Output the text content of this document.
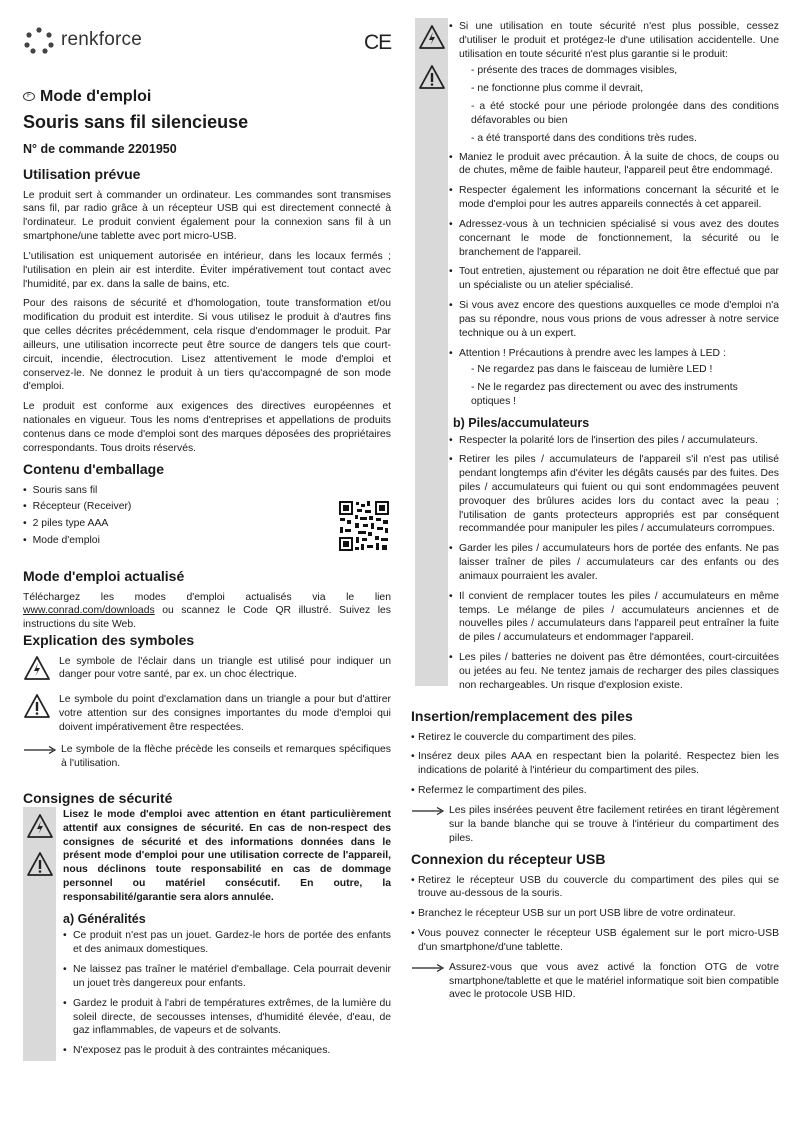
renkforce	CE
F Mode d'emploi
Souris sans fil silencieuse
N° de commande 2201950
Utilisation prévue

Le produit sert à commander un ordinateur. Les commandes sont transmises sans fil, par radio grâce à un récepteur USB qui est directement connecté à l'ordinateur. Le produit convient également pour la connexion sans fil à un smartphone/une tablette avec port micro-USB.

L'utilisation est uniquement autorisée en intérieur, dans les locaux fermés ; l'utilisation en plein air est interdite. Éviter impérativement tout contact avec l'humidité, par ex. dans la salle de bains, etc.

Pour des raisons de sécurité et d'homologation, toute transformation et/ou modification du produit est interdite. Si vous utilisez le produit à d'autres fins que celles décrites précédemment, cela risque d'endommager le produit. Par ailleurs, une utilisation incorrecte peut être source de dangers tels que court-circuit, incendie, électrocution. Lisez attentivement le mode d'emploi et conservez-le. Ne donnez le produit à un tiers qu'accompagné de son mode d'emploi.

Le produit est conforme aux exigences des directives européennes et nationales en vigueur. Tous les noms d'entreprises et appellations de produits contenus dans ce mode d'emploi sont des marques déposées des propriétaires correspondants. Tous droits réservés.

Contenu d'emballage
• Souris sans fil
• Récepteur (Receiver)
• 2 piles type AAA
• Mode d'emploi
Mode d'emploi actualisé

Téléchargez les modes d'emploi actualisés via le lien www.conrad.com/downloads ou scannez le Code QR illustré. Suivez les instructions du site Web.

Explication des symboles
Le symbole de l'éclair dans un triangle est utilisé pour indiquer un danger pour votre santé, par ex. un choc électrique.
Le symbole du point d'exclamation dans un triangle a pour but d'attirer votre attention sur des consignes importantes du mode d'emploi qui doivent impérativement être respectées.
Le symbole de la flèche précède les conseils et remarques spécifiques à l'utilisation.
Consignes de sécurité

Lisez le mode d'emploi avec attention en étant particulièrement attentif aux consignes de sécurité. En cas de non-respect des consignes de sécurité et des informations données dans le présent mode d'emploi pour une utilisation correcte de l'appareil, nous déclinons toute responsabilité en cas de dommage personnel ou matériel consécutif. En outre, la responsabilité/garantie sera alors annulée.

a) Généralités
• Ce produit n'est pas un jouet. Gardez-le hors de portée des enfants et des animaux domestiques.
• Ne laissez pas traîner le matériel d'emballage. Cela pourrait devenir un jouet très dangereux pour enfants.
• Gardez le produit à l'abri de températures extrêmes, de la lumière du soleil directe, de secousses intenses, d'humidité élevée, d'eau, de gaz inflammables, de vapeurs et de solvants.
• N'exposez pas le produit à des contraintes mécaniques.
• Si une utilisation en toute sécurité n'est plus possible, cessez d'utiliser le produit et protégez-le d'une utilisation accidentelle. Une utilisation en toute sécurité n'est plus garantie si le produit:
- présente des traces de dommages visibles,
- ne fonctionne plus comme il devrait,
- a été stocké pour une période prolongée dans des conditions défavorables ou bien
- a été transporté dans des conditions très rudes.
• Maniez le produit avec précaution. À la suite de chocs, de coups ou de chutes, même de faible hauteur, l'appareil peut être endommagé.
• Respecter également les informations concernant la sécurité et le mode d'emploi pour les autres appareils connectés à cet appareil.
• Adressez-vous à un technicien spécialisé si vous avez des doutes concernant le mode de fonctionnement, la sécurité ou le branchement de l'appareil.
• Tout entretien, ajustement ou réparation ne doit être effectué que par un spécialiste ou un atelier spécialisé.
• Si vous avez encore des questions auxquelles ce mode d'emploi n'a pas su répondre, nous vous prions de vous adresser à notre service technique ou à un expert.
• Attention ! Précautions à prendre avec les lampes à LED :
- Ne regardez pas dans le faisceau de lumière LED !
- Ne le regardez pas directement ou avec des instruments optiques !
b) Piles/accumulateurs
• Respecter la polarité lors de l'insertion des piles / accumulateurs.
• Retirer les piles / accumulateurs de l'appareil s'il n'est pas utilisé pendant longtemps afin d'éviter les dégâts causés par des fuites. Des piles / accumulateurs qui fuient ou qui sont endommagées peuvent provoquer des brûlures acides lors du contact avec la peau ; l'utilisation de gants protecteurs appropriés est par conséquent recommandée pour manipuler les piles / accumulateurs corrompues.
• Garder les piles / accumulateurs hors de portée des enfants. Ne pas laisser traîner de piles / accumulateurs car des enfants ou des animaux pourraient les avaler.
• Il convient de remplacer toutes les piles / accumulateurs en même temps. Le mélange de piles / accumulateurs anciennes et de nouvelles piles / accumulateurs dans l'appareil peut entraîner la fuite de piles / accumulateurs et endommager l'appareil.
• Les piles / batteries ne doivent pas être démontées, court-circuitées ou jetées au feu. Ne tentez jamais de recharger des piles classiques non rechargeables. Un risque d'explosion existe.
Insertion/remplacement des piles
• Retirez le couvercle du compartiment des piles.
• Insérez deux piles AAA en respectant bien la polarité. Respectez bien les indications de polarité à l'intérieur du compartiment des piles.
• Refermez le compartiment des piles.
Les piles insérées peuvent être facilement retirées en tirant légèrement sur la bande blanche qui se trouve à l'intérieur du compartiment des piles.
Connexion du récepteur USB
• Retirez le récepteur USB du couvercle du compartiment des piles qui se trouve au-dessous de la souris.
• Branchez le récepteur USB sur un port USB libre de votre ordinateur.
• Vous pouvez connecter le récepteur USB également sur le port micro-USB d'un smartphone/d'une tablette.
Assurez-vous que vous avez activé la fonction OTG de votre smartphone/tablette et que le matériel informatique soit bien compatible avec le protocole USB HID.
